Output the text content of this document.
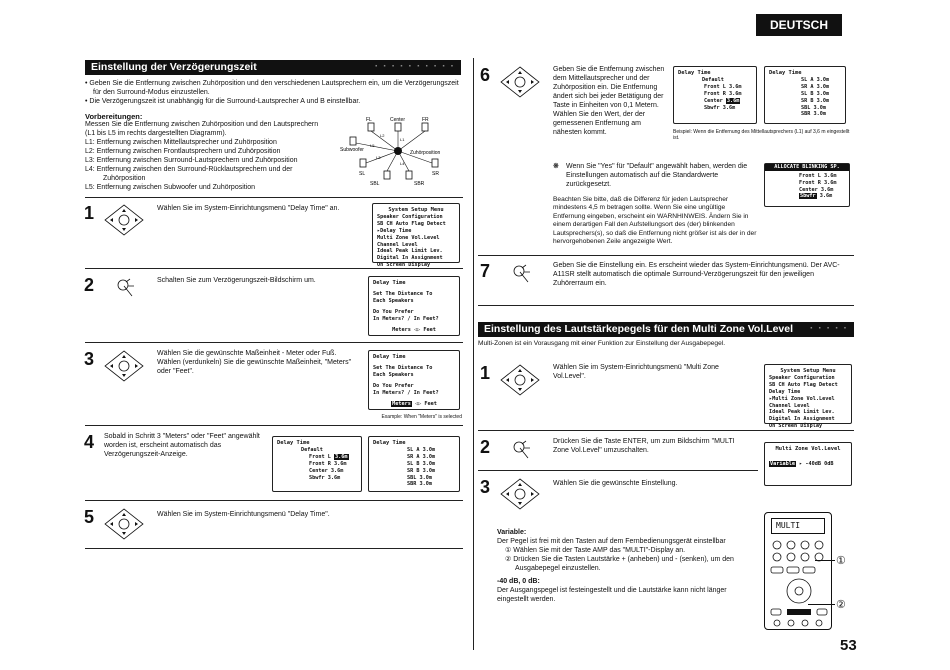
DEUTSCH
Einstellung der Verzögerungszeit	· · · · · · · · · ·
• Geben Sie die Entfernung zwischen Zuhörposition und den verschiedenen Lautsprechern ein, um die Verzögerungszeit für den Surround-Modus einzustellen.
• Die Verzögerungszeit ist unabhängig für die Surround-Lautsprecher A und B einstellbar.
Vorbereitungen:
Messen Sie die Entfernung zwischen Zuhörposition und den Lautsprechern (L1 bis L5 im rechts dargestellten Diagramm).
L1: Entfernung zwischen Mittellautsprecher und Zuhörposition
L2: Entfernung zwischen Frontlautsprechern und Zuhörposition
L3: Entfernung zwischen Surround-Lautsprechern und Zuhörposition
L4: Entfernung zwischen den Surround-Rücklautsprechern und der Zuhörposition
L5: Entfernung zwischen Subwoofer und Zuhörposition
FL	Center	FR
Subwoofer	Zuhörposition
SL	SR
SBL	SBR
L1
L2
L3
L4
L5
1	Wählen Sie im System-Einrichtungsmenü "Delay Time" an.	System Setup Menu
Speaker Configuration
SB CH Auto Flag Detect
▸Delay Time
Multi Zone Vol.Level
Channel Level
Ideal Peak Limit Lev.
Digital In Assignment
On Screen Display
2	Schalten Sie zum Verzögerungszeit-Bildschirm um.	Delay Time
Set The Distance To
Each Speakers
Do You Prefer
In Meters? / In Feet?
Meters ◁▷ Feet
3	Wählen Sie die gewünschte Maßeinheit - Meter oder Fuß. Wählen (verdunkeln) Sie die gewünschte Maßeinheit, "Meters" oder "Feet".
Delay Time
Set The Distance To
Each Speakers
Do You Prefer
In Meters? / In Feet?
Meters ◁▷ Feet
Example: When "Meters" is selected
4 Sobald in Schritt 3 "Meters" oder "Feet" angewählt worden ist, erscheint automatisch das Verzögerungszeit-Anzeige.
Delay Time
Default
Front L 3.6m
Front R 3.6m
Center 3.6m
Sbwfr 3.6m
Delay Time
SL A 3.0m
SR A 3.0m
SL B 3.0m
SR B 3.0m
SBL 3.0m
SBR 3.0m
5	Wählen Sie im System-Einrichtungsmenü "Delay Time".
6	Geben Sie die Entfernung zwischen dem Mittellautsprecher und der Zuhörposition ein. Die Entfernung ändert sich bei jeder Betätigung der Taste in Einheiten von 0,1 Metern. Wählen Sie den Wert, der der gemessenen Entfernung am nähesten kommt.
Delay Time
Default
Front L 3.6m
Front R 3.6m
Center 3.6m
Sbwfr 3.6m
Delay Time
SL A 3.0m
SR A 3.0m
SL B 3.0m
SR B 3.0m
SBL 3.0m
SBR 3.0m
Beispiel: Wenn die Entfernung des Mittellautsprechers (L1) auf 3,6 m eingestellt ist.
※ Wenn Sie "Yes" für "Default" angewählt haben, werden die Einstellungen automatisch auf die Standardwerte zurückgesetzt.
Beachten Sie bitte, daß die Differenz für jeden Lautsprecher mindestens 4,5 m betragen sollte. Wenn Sie eine ungültige Entfernung eingeben, erscheint ein WARNHINWEIS. Ändern Sie in einem derartigen Fall den Aufstellungsort des (der) blinkenden Lautsprechers(s), so daß die Entfernung nicht größer ist als der in der hervorgehobenen Zeile angezeigte Wert.
ALLOCATE BLINKING SP.
Front L 3.6m
Front R 3.6m
Center 3.6m
Sbwfr 3.6m
7	Geben Sie die Einstellung ein. Es erscheint wieder das System-Einrichtungsmenü. Der AVC-A11SR stellt automatisch die optimale Surround-Verzögerungszeit für den jeweiligen Zuhörerraum ein.
Einstellung des Lautstärkepegels für den Multi Zone Vol.Level · · · · ·
Multi-Zonen ist ein Vorausgang mit einer Funktion zur Einstellung der Ausgabepegel.
1	Wählen Sie im System-Einrichtungsmenü "Multi Zone Vol.Level".
System Setup Menu
Speaker Configuration
SB CH Auto Flag Detect
Delay Time
▸Multi Zone Vol.Level
Channel Level
Ideal Peak Limit Lev.
Digital In Assignment
On Screen Display
2	Drücken Sie die Taste ENTER, um zum Bildschirm "MULTI Zone Vol.Level" umzuschalten.	Multi Zone Vol.Level
Variable ▸ -40dB 0dB
3	Wählen Sie die gewünschte Einstellung.
Variable:
Der Pegel ist frei mit den Tasten auf dem Fernbedienungsgerät einstellbar
① Wählen Sie mit der Taste AMP das "MULTI"-Display an.
② Drücken Sie die Tasten Lautstärke + (anheben) und - (senken), um den Ausgabepegel einzustellen.
-40 dB, 0 dB:
Der Ausgangspegel ist festeingestellt und die Lautstärke kann nicht länger eingestellt werden.
MULTI
①
②
53
